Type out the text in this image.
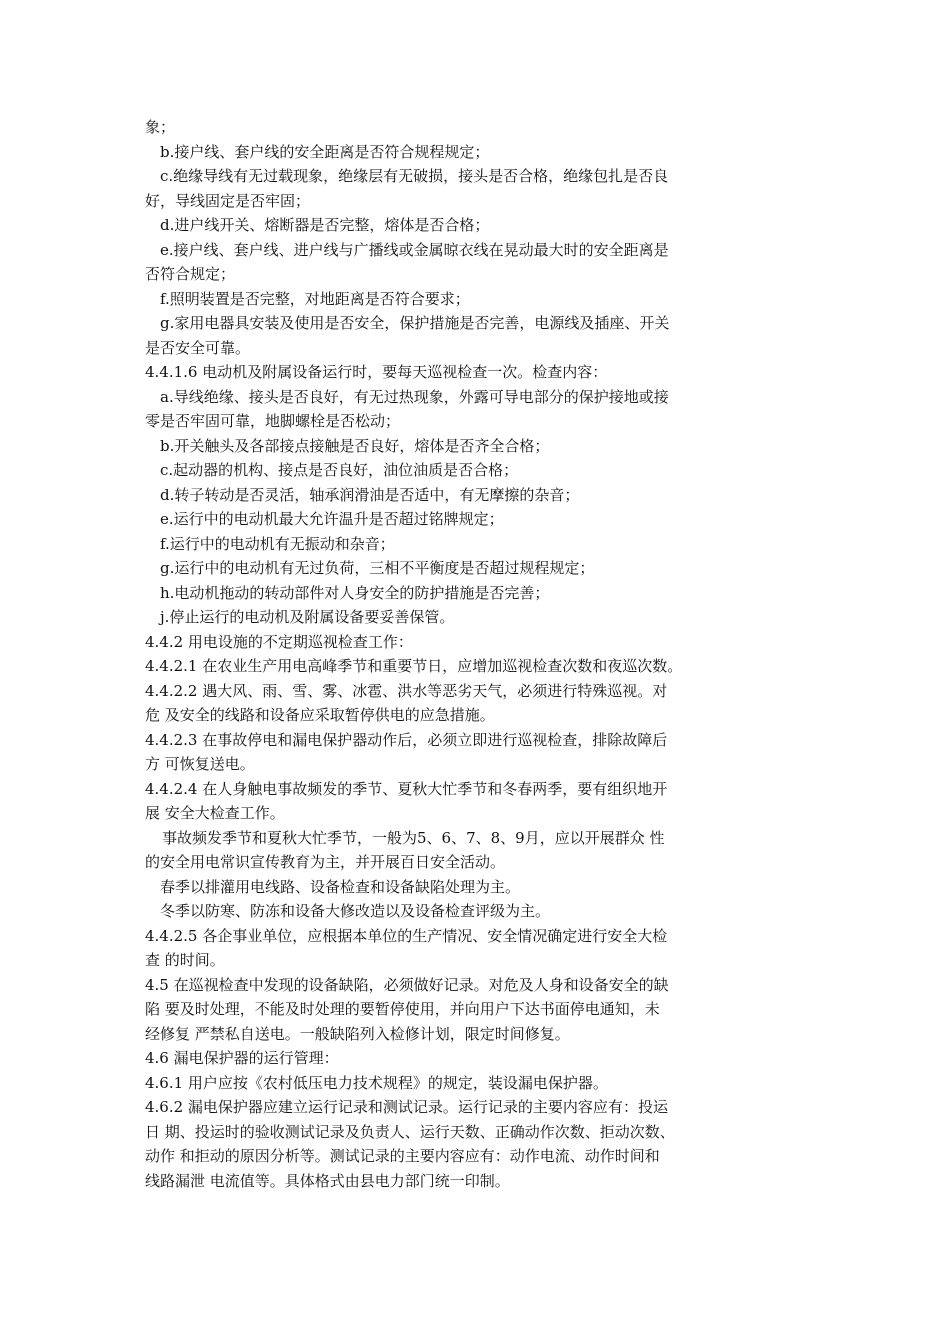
象；
b.接户线、套户线的安全距离是否符合规程规定；
c.绝缘导线有无过载现象，绝缘层有无破损，接头是否合格，绝缘包扎是否良
好，导线固定是否牢固；
d.进户线开关、熔断器是否完整，熔体是否合格；
e.接户线、套户线、进户线与广播线或金属晾衣线在晃动最大时的安全距离是
否符合规定；
f.照明装置是否完整，对地距离是否符合要求；
g.家用电器具安装及使用是否安全，保护措施是否完善，电源线及插座、开关
是否安全可靠。
4.4.1.6 电动机及附属设备运行时，要每天巡视检查一次。检查内容：
a.导线绝缘、接头是否良好，有无过热现象，外露可导电部分的保护接地或接
零是否牢固可靠，地脚螺栓是否松动；
b.开关触头及各部接点接触是否良好，熔体是否齐全合格；
c.起动器的机构、接点是否良好，油位油质是否合格；
d.转子转动是否灵活，轴承润滑油是否适中，有无摩擦的杂音；
e.运行中的电动机最大允许温升是否超过铭牌规定；
f.运行中的电动机有无振动和杂音；
g.运行中的电动机有无过负荷，三相不平衡度是否超过规程规定；
h.电动机拖动的转动部件对人身安全的防护措施是否完善；
j.停止运行的电动机及附属设备要妥善保管。
4.4.2 用电设施的不定期巡视检查工作：
4.4.2.1 在农业生产用电高峰季节和重要节日，应增加巡视检查次数和夜巡次数。
4.4.2.2 遇大风、雨、雪、雾、冰雹、洪水等恶劣天气，必须进行特殊巡视。对
危 及安全的线路和设备应采取暂停供电的应急措施。
4.4.2.3 在事故停电和漏电保护器动作后，必须立即进行巡视检查，排除故障后
方 可恢复送电。
4.4.2.4 在人身触电事故频发的季节、夏秋大忙季节和冬春两季，要有组织地开
展 安全大检查工作。
事故频发季节和夏秋大忙季节，一般为5、6、7、8、9月，应以开展群众 性
的安全用电常识宣传教育为主，并开展百日安全活动。
春季以排灌用电线路、设备检查和设备缺陷处理为主。
冬季以防寒、防冻和设备大修改造以及设备检查评级为主。
4.4.2.5 各企事业单位，应根据本单位的生产情况、安全情况确定进行安全大检
查 的时间。
4.5 在巡视检查中发现的设备缺陷，必须做好记录。对危及人身和设备安全的缺
陷 要及时处理，不能及时处理的要暂停使用，并向用户下达书面停电通知，未
经修复 严禁私自送电。一般缺陷列入检修计划，限定时间修复。
4.6 漏电保护器的运行管理：
4.6.1 用户应按《农村低压电力技术规程》的规定，装设漏电保护器。
4.6.2 漏电保护器应建立运行记录和测试记录。运行记录的主要内容应有：投运
日 期、投运时的验收测试记录及负责人、运行天数、正确动作次数、拒动次数、
动作 和拒动的原因分析等。测试记录的主要内容应有：动作电流、动作时间和
线路漏泄 电流值等。具体格式由县电力部门统一印制。
